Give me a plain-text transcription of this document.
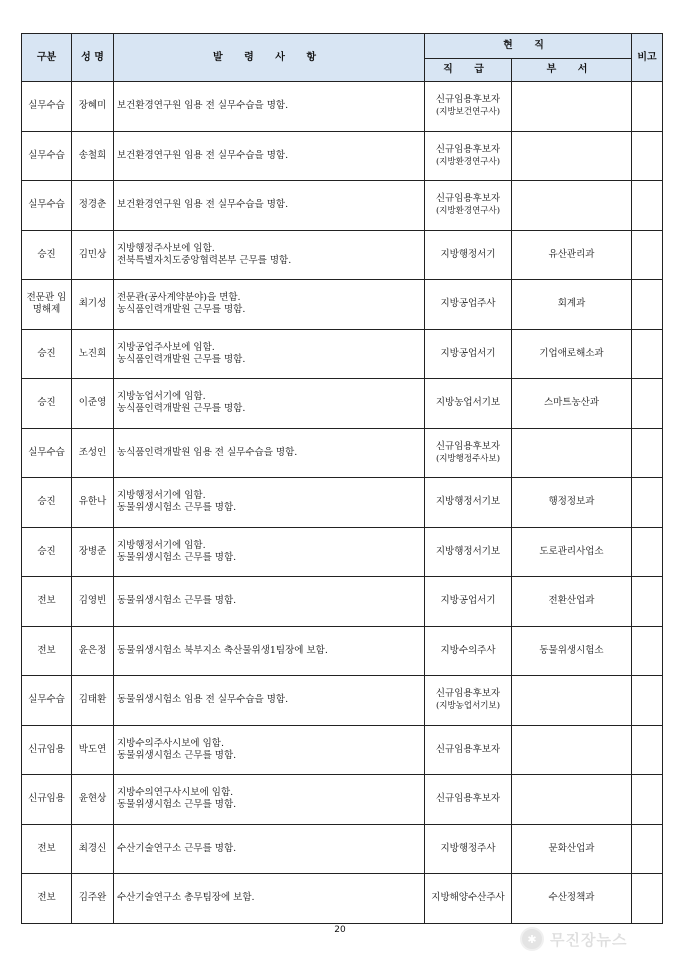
구분	성 명	발 령 사 항	현 직		비고
			직 급	부 서	
실무수습	장혜미	보건환경연구원 임용 전 실무수습을 명함.	신규임용후보자
(지방보건연구사)		

실무수습	송철희	보건환경연구원 임용 전 실무수습을 명함.	신규임용후보자
(지방환경연구사)		

실무수습	정경춘	보건환경연구원 임용 전 실무수습을 명함.	신규임용후보자
(지방환경연구사)		

승진	김민상	지방행정주사보에 임함.
전북특별자치도중앙협력본부 근무를 명함.	지방행정서기	유산관리과	
전문관 임명해제	최기성	전문관(공사계약분야)을 면함.
농식품인력개발원 근무를 명함.	지방공업주사	회계과	
승진	노진희	지방공업주사보에 임함.
농식품인력개발원 근무를 명함.	지방공업서기	기업애로해소과	
승진	이준영	지방농업서기에 임함.
농식품인력개발원 근무를 명함.	지방농업서기보	스마트농산과	
실무수습	조성인	농식품인력개발원 임용 전 실무수습을 명함.	신규임용후보자
(지방행정주사보)		

승진	유한나	지방행정서기에 임함.
동물위생시험소 근무를 명함.	지방행정서기보	행정정보과	
승진	장병준	지방행정서기에 임함.
동물위생시험소 근무를 명함.	지방행정서기보	도로관리사업소	
전보	김영빈	동물위생시험소 근무를 명함.	지방공업서기	전환산업과	
전보	윤은정	동물위생시험소 북부지소 축산물위생1팀장에 보함.	지방수의주사	동물위생시험소	
실무수습	김태환	동물위생시험소 임용 전 실무수습을 명함.	신규임용후보자
(지방농업서기보)		

신규임용	박도연	지방수의주사시보에 임함.
동물위생시험소 근무를 명함.	신규임용후보자		

신규임용	윤현상	지방수의연구사시보에 임함.
동물위생시험소 근무를 명함.	신규임용후보자		

전보	최경신	수산기술연구소 근무를 명함.	지방행정주사	문화산업과	
전보	김주완	수산기술연구소 총무팀장에 보함.	지방해양수산주사	수산정책과	
20
✱ 무진장뉴스
